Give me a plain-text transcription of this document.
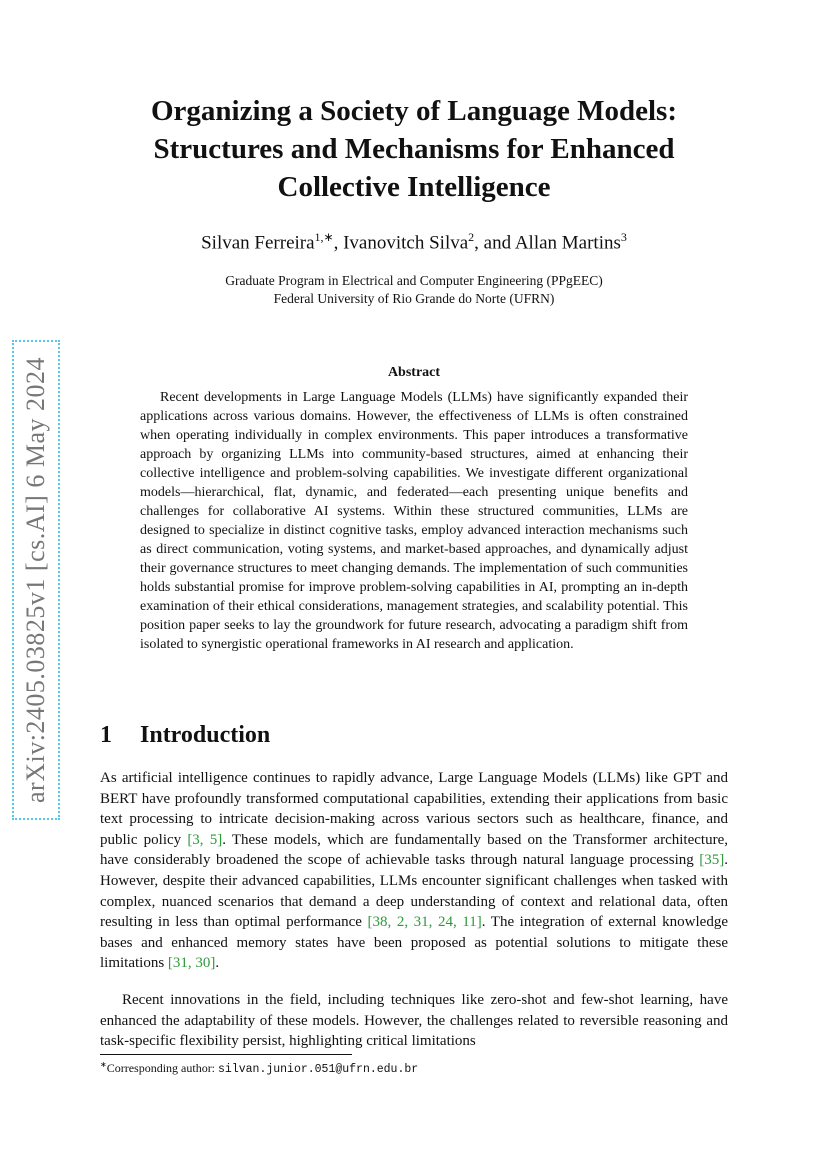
arXiv:2405.03825v1 [cs.AI] 6 May 2024
Organizing a Society of Language Models:
Structures and Mechanisms for Enhanced
Collective Intelligence
Silvan Ferreira$^{1,∗}$, Ivanovitch Silva$^2$, and Allan Martins$^3$
Graduate Program in Electrical and Computer Engineering (PPgEEC)
Federal University of Rio Grande do Norte (UFRN)
Abstract

Recent developments in Large Language Models (LLMs) have significantly expanded their applications across various domains. However, the effectiveness of LLMs is often constrained when operating individually in complex environments. This paper introduces a transformative approach by organizing LLMs into community-based structures, aimed at enhancing their collective intelligence and problem-solving capabilities. We investigate different organizational models—hierarchical, flat, dynamic, and federated—each presenting unique benefits and challenges for collaborative AI systems. Within these structured communities, LLMs are designed to specialize in distinct cognitive tasks, employ advanced interaction mechanisms such as direct communication, voting systems, and market-based approaches, and dynamically adjust their governance structures to meet changing demands. The implementation of such communities holds substantial promise for improve problem-solving capabilities in AI, prompting an in-depth examination of their ethical considerations, management strategies, and scalability potential. This position paper seeks to lay the groundwork for future research, advocating a paradigm shift from isolated to synergistic operational frameworks in AI research and application.

1 Introduction

As artificial intelligence continues to rapidly advance, Large Language Models (LLMs) like GPT and BERT have profoundly transformed computational capabilities, extending their applications from basic text processing to intricate decision-making across various sectors such as healthcare, finance, and public policy [3, 5]. These models, which are fundamentally based on the Transformer architecture, have considerably broadened the scope of achievable tasks through natural language processing [35]. However, despite their advanced capabilities, LLMs encounter significant challenges when tasked with complex, nuanced scenarios that demand a deep understanding of context and relational data, often resulting in less than optimal performance [38, 2, 31, 24, 11]. The integration of external knowledge bases and enhanced memory states have been proposed as potential solutions to mitigate these limitations [31, 30].

Recent innovations in the field, including techniques like zero-shot and few-shot learning, have enhanced the adaptability of these models. However, the challenges related to reversible reasoning and task-specific flexibility persist, highlighting critical limitations

∗Corresponding author: silvan.junior.051@ufrn.edu.br
